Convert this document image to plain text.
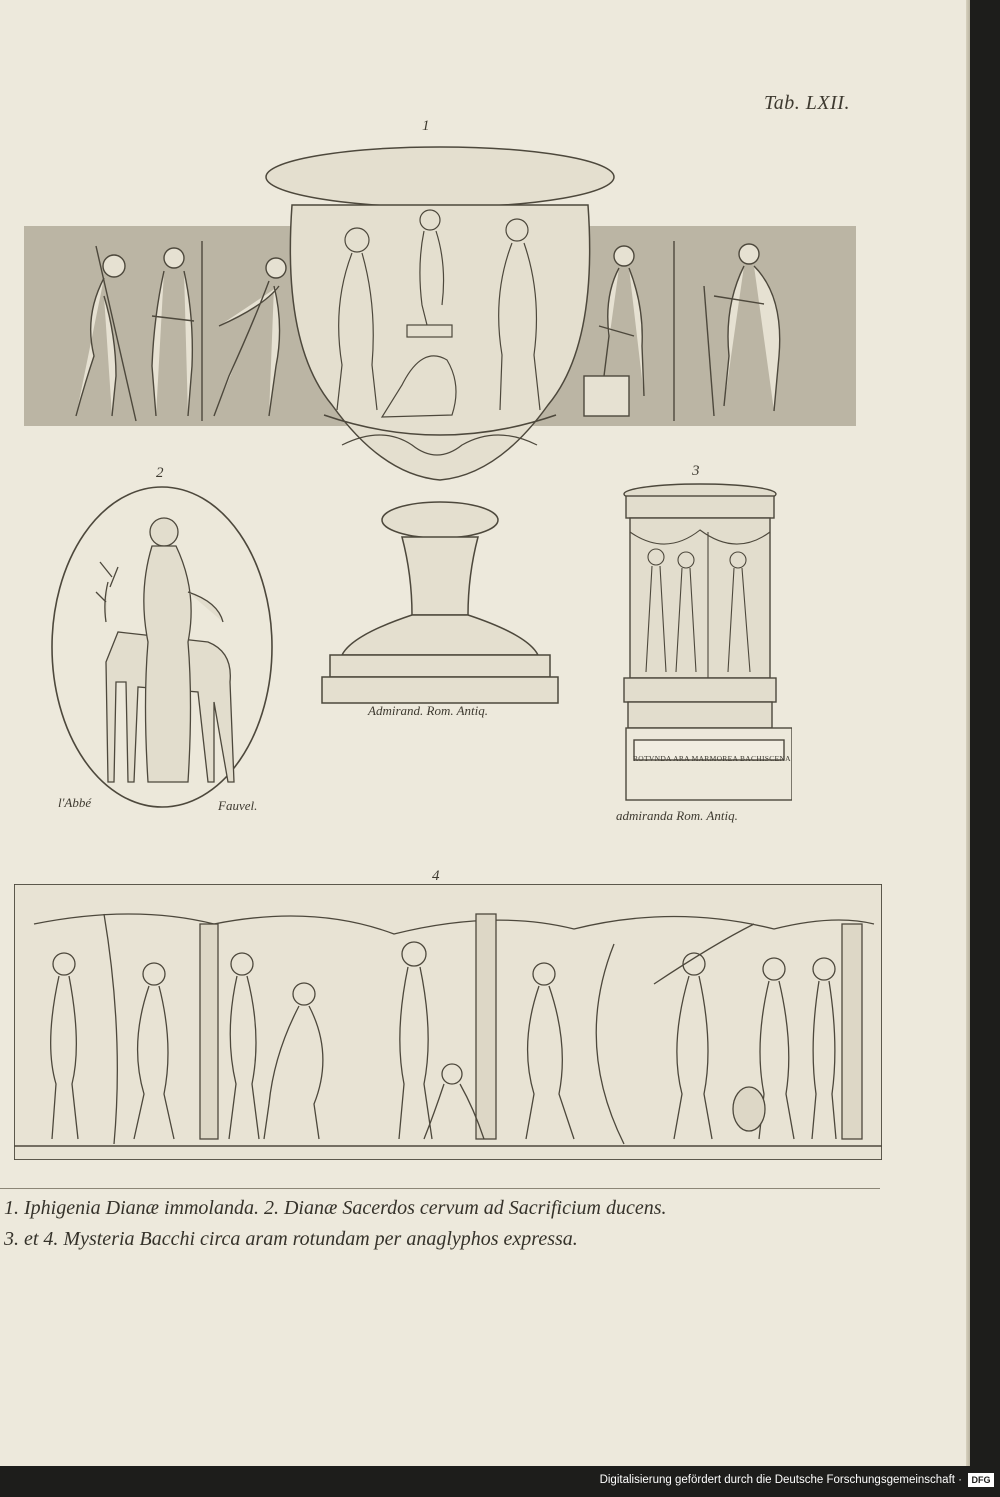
Tab. LXII.
1
Admirand. Rom. Antiq.
2
l'Abbé	Fauvel.
3
ROTVNDA ARA MARMOREA BACHISCENA
admiranda Rom. Antiq.
4
1. Iphigenia Dianæ immolanda. 2. Dianæ Sacerdos cervum ad Sacrificium ducens.
3. et 4. Mysteria Bacchi circa aram rotundam per anaglyphos expressa.
Digitalisierung gefördert durch die Deutsche Forschungsgemeinschaft ·	DFG
